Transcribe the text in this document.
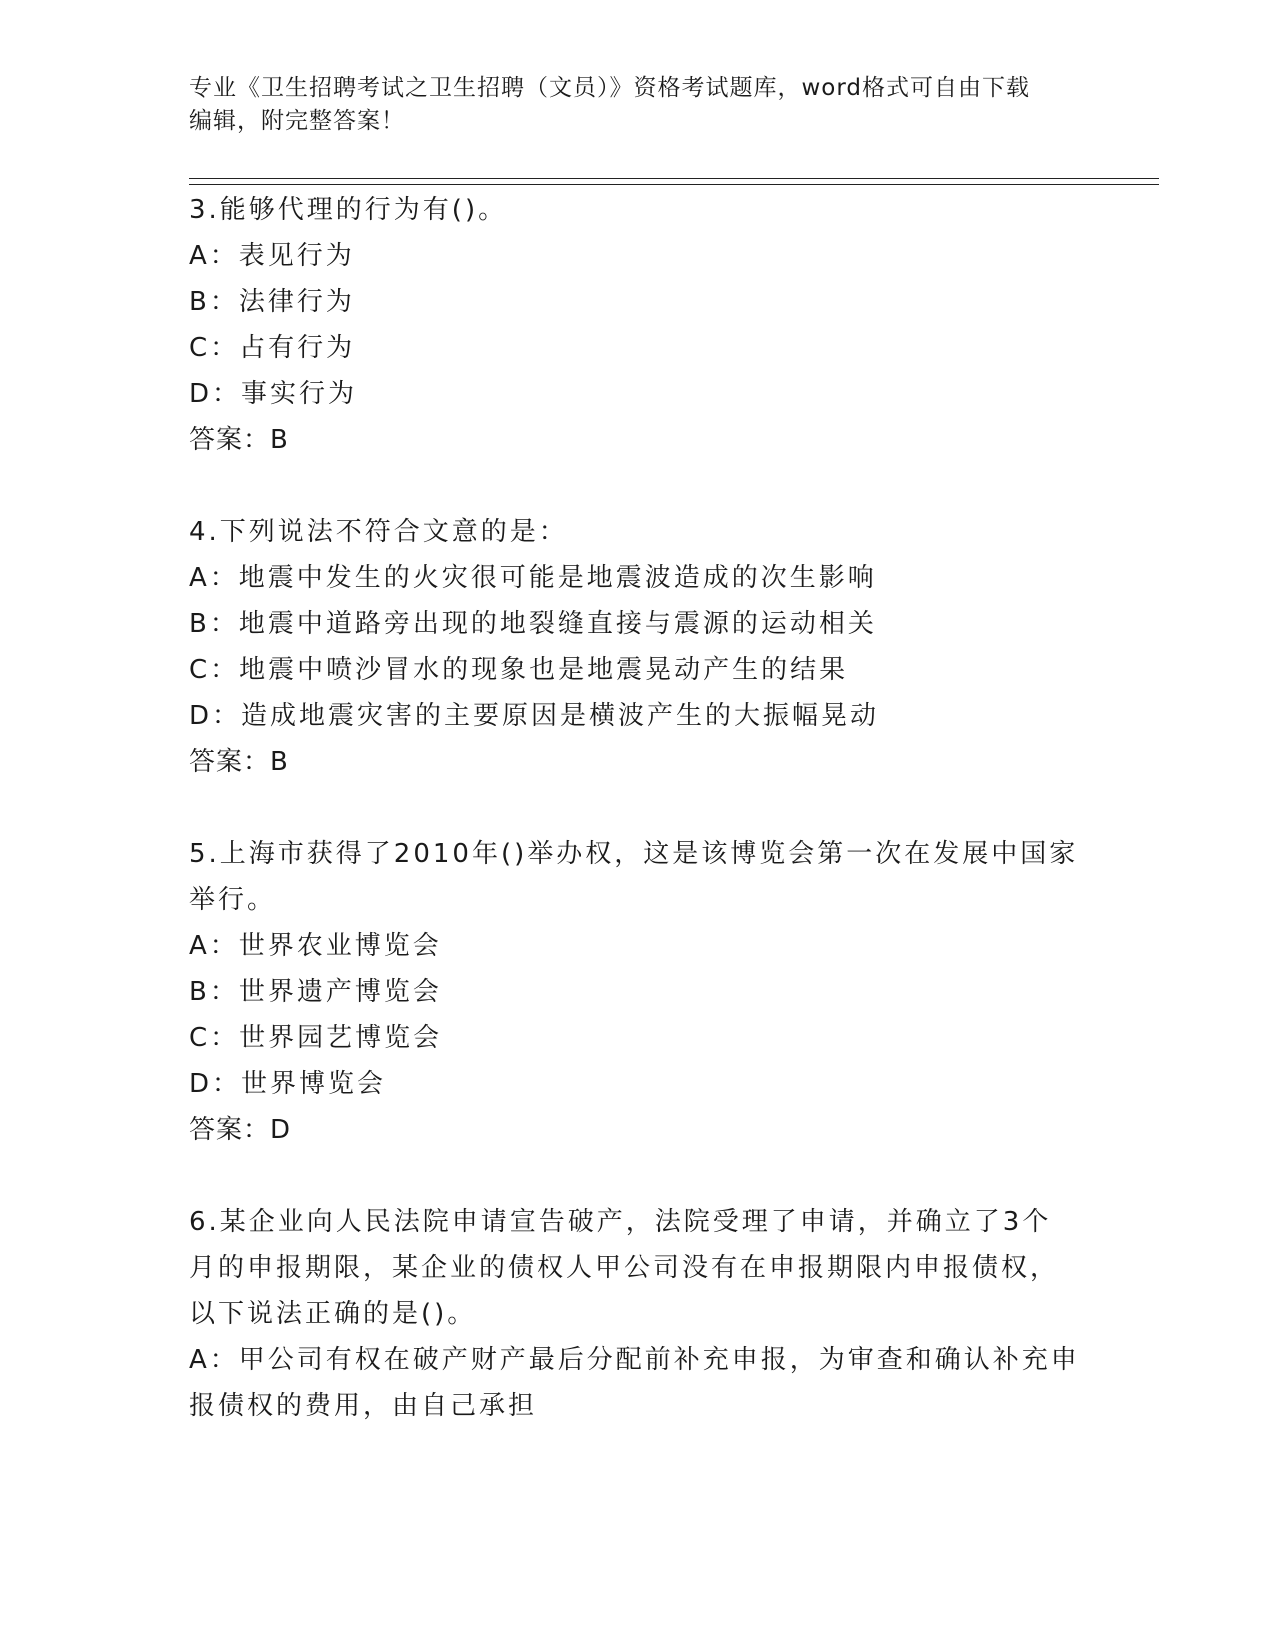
专业《卫生招聘考试之卫生招聘（文员）》资格考试题库，word格式可自由下载
编辑，附完整答案！
3.能够代理的行为有()。
A：表见行为
B：法律行为
C：占有行为
D：事实行为
答案：B
4.下列说法不符合文意的是：
A：地震中发生的火灾很可能是地震波造成的次生影响
B：地震中道路旁出现的地裂缝直接与震源的运动相关
C：地震中喷沙冒水的现象也是地震晃动产生的结果
D：造成地震灾害的主要原因是横波产生的大振幅晃动
答案：B
5.上海市获得了2010年()举办权，这是该博览会第一次在发展中国家
举行。
A：世界农业博览会
B：世界遗产博览会
C：世界园艺博览会
D：世界博览会
答案：D
6.某企业向人民法院申请宣告破产，法院受理了申请，并确立了3个
月的申报期限，某企业的债权人甲公司没有在申报期限内申报债权，
以下说法正确的是()。
A：甲公司有权在破产财产最后分配前补充申报，为审查和确认补充申
报债权的费用，由自己承担
